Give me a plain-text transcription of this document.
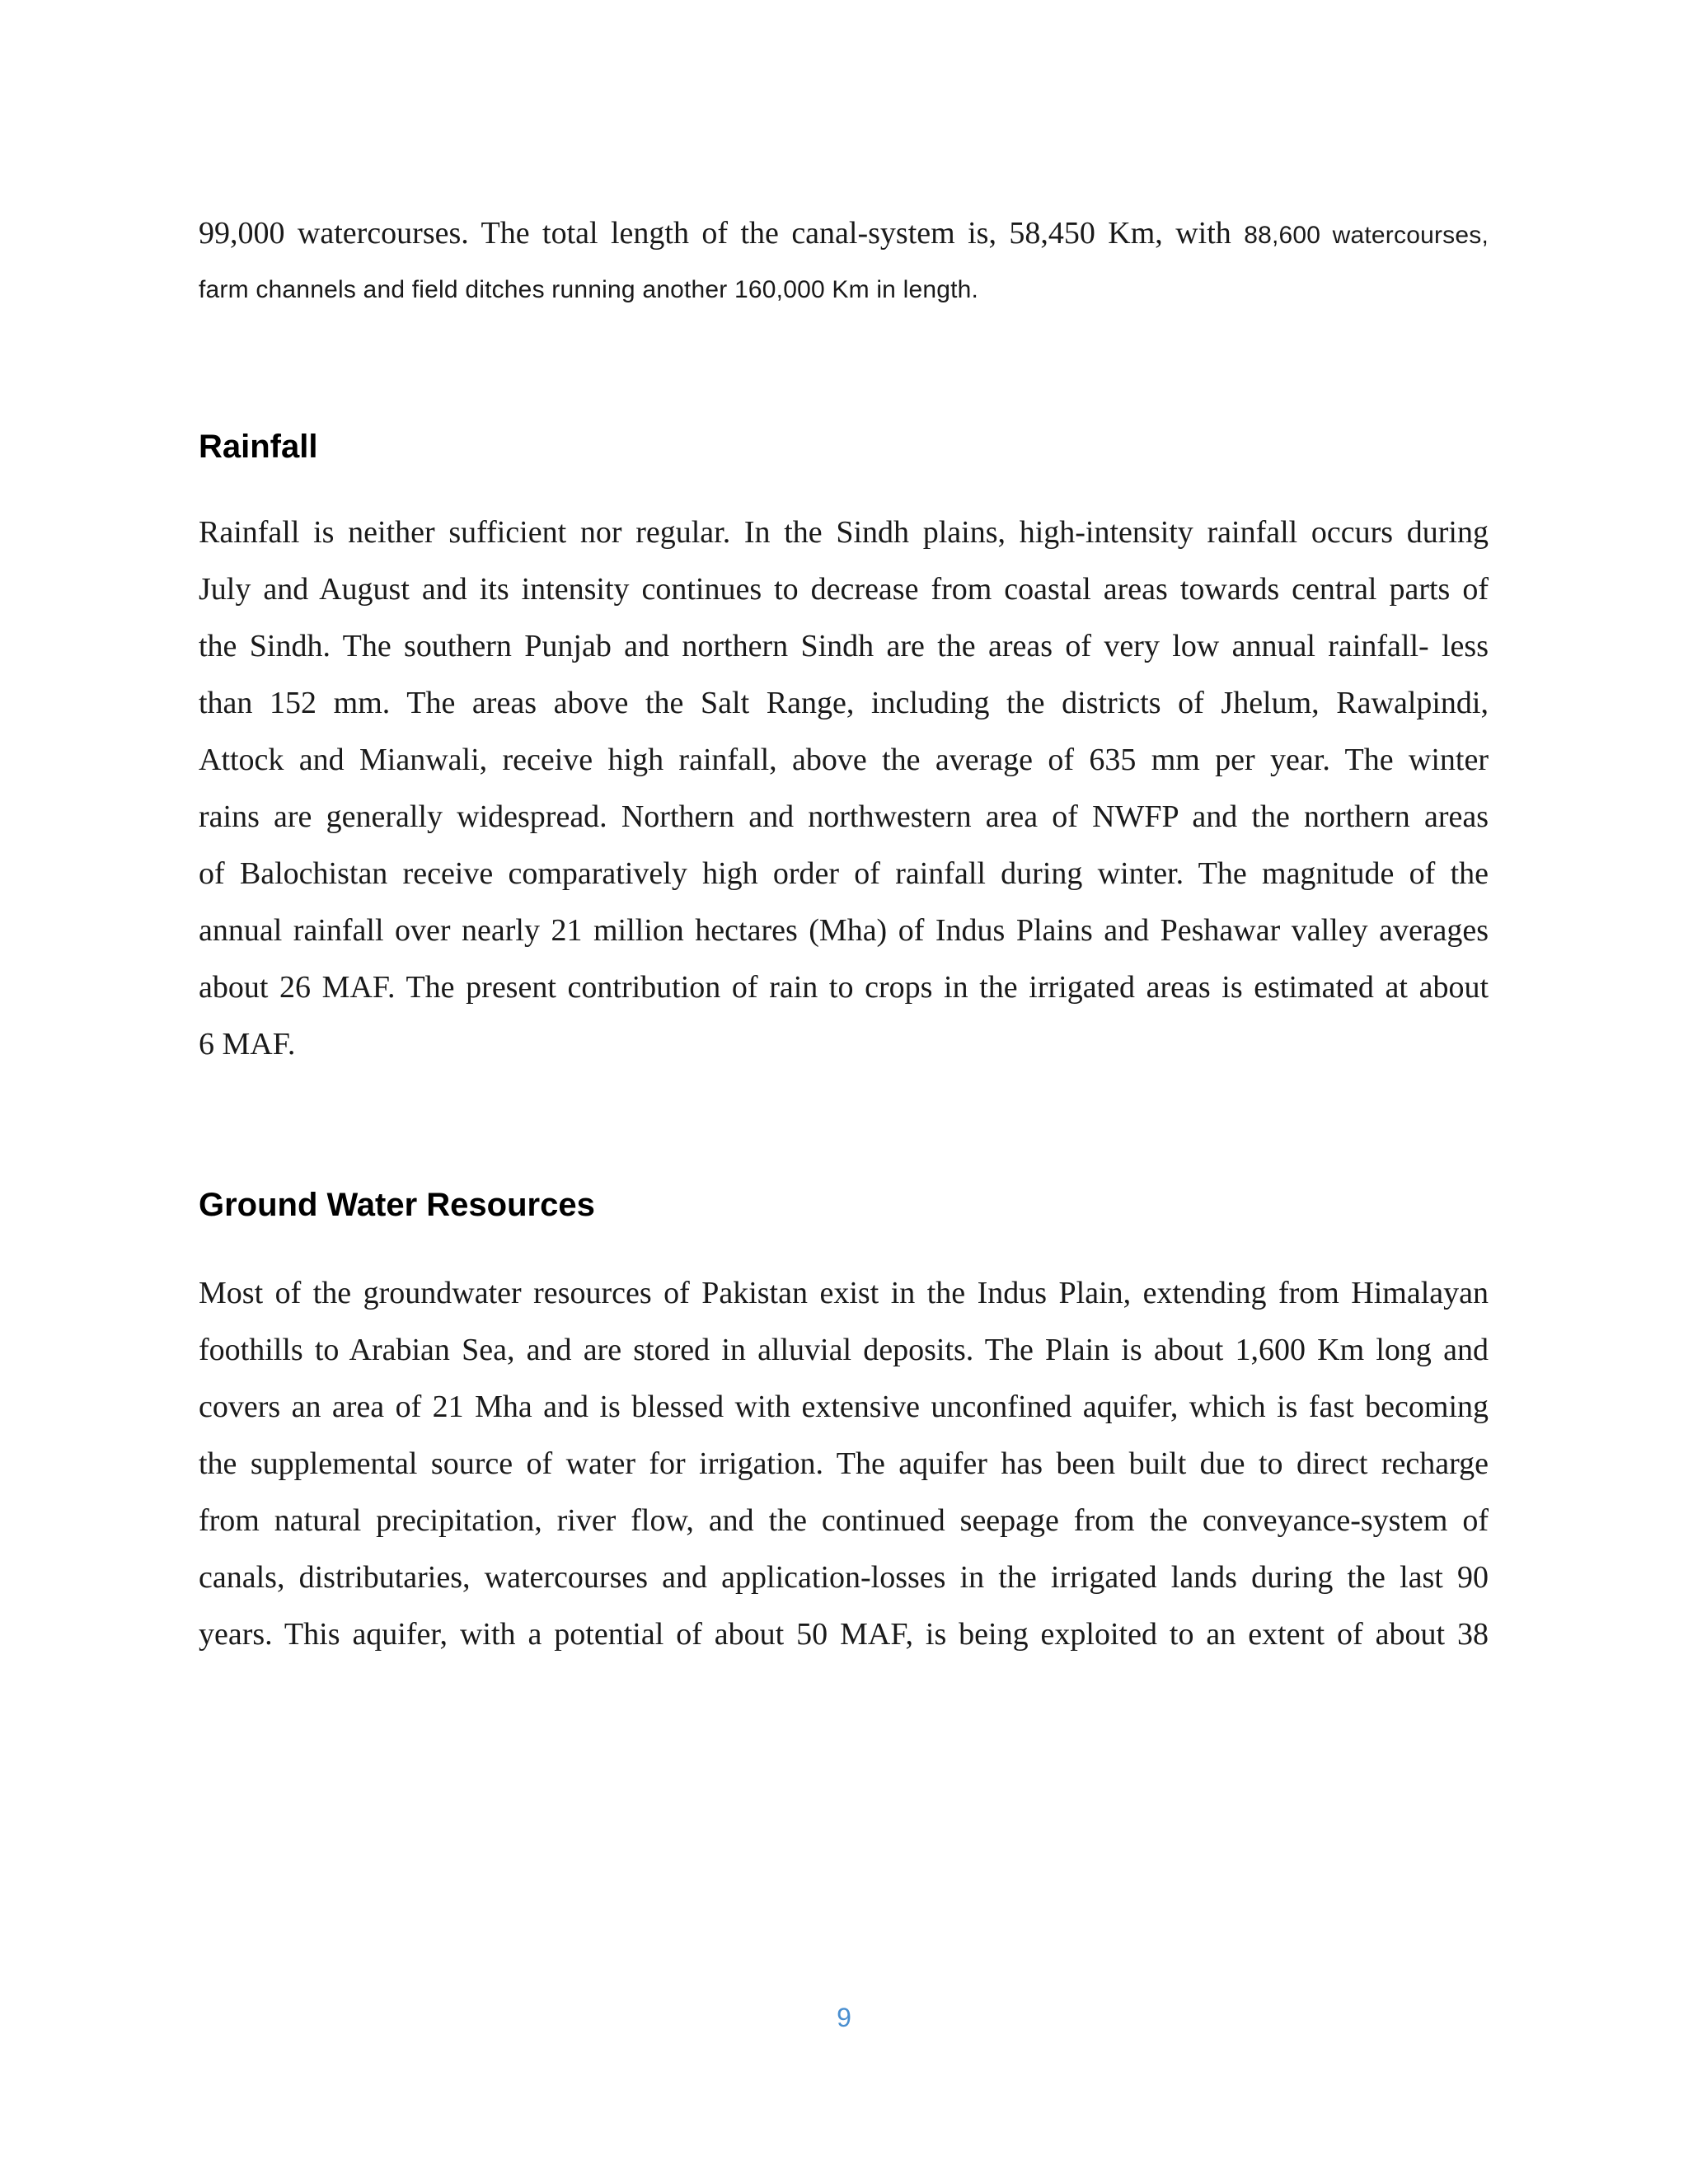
99,000 watercourses. The total length of the canal-system is, 58,450 Km, with 88,600 watercourses,
farm channels and field ditches running another 160,000 Km in length.
Rainfall
Rainfall is neither sufficient nor regular. In the Sindh plains, high-intensity rainfall occurs during
July and August and its intensity continues to decrease from coastal areas towards central parts of
the Sindh. The southern Punjab and northern Sindh are the areas of very low annual rainfall- less
than 152 mm. The areas above the Salt Range, including the districts of Jhelum, Rawalpindi,
Attock and Mianwali, receive high rainfall, above the average of 635 mm per year. The winter
rains are generally widespread. Northern and northwestern area of NWFP and the northern areas
of Balochistan receive comparatively high order of rainfall during winter. The magnitude of the
annual rainfall over nearly 21 million hectares (Mha) of Indus Plains and Peshawar valley averages
about 26 MAF. The present contribution of rain to crops in the irrigated areas is estimated at about
6 MAF.
Ground Water Resources
Most of the groundwater resources of Pakistan exist in the Indus Plain, extending from Himalayan
foothills to Arabian Sea, and are stored in alluvial deposits. The Plain is about 1,600 Km long and
covers an area of 21 Mha and is blessed with extensive unconfined aquifer, which is fast becoming
the supplemental source of water for irrigation. The aquifer has been built due to direct recharge
from natural precipitation, river flow, and the continued seepage from the conveyance-system of
canals, distributaries, watercourses and application-losses in the irrigated lands during the last 90
years. This aquifer, with a potential of about 50 MAF, is being exploited to an extent of about 38
9
